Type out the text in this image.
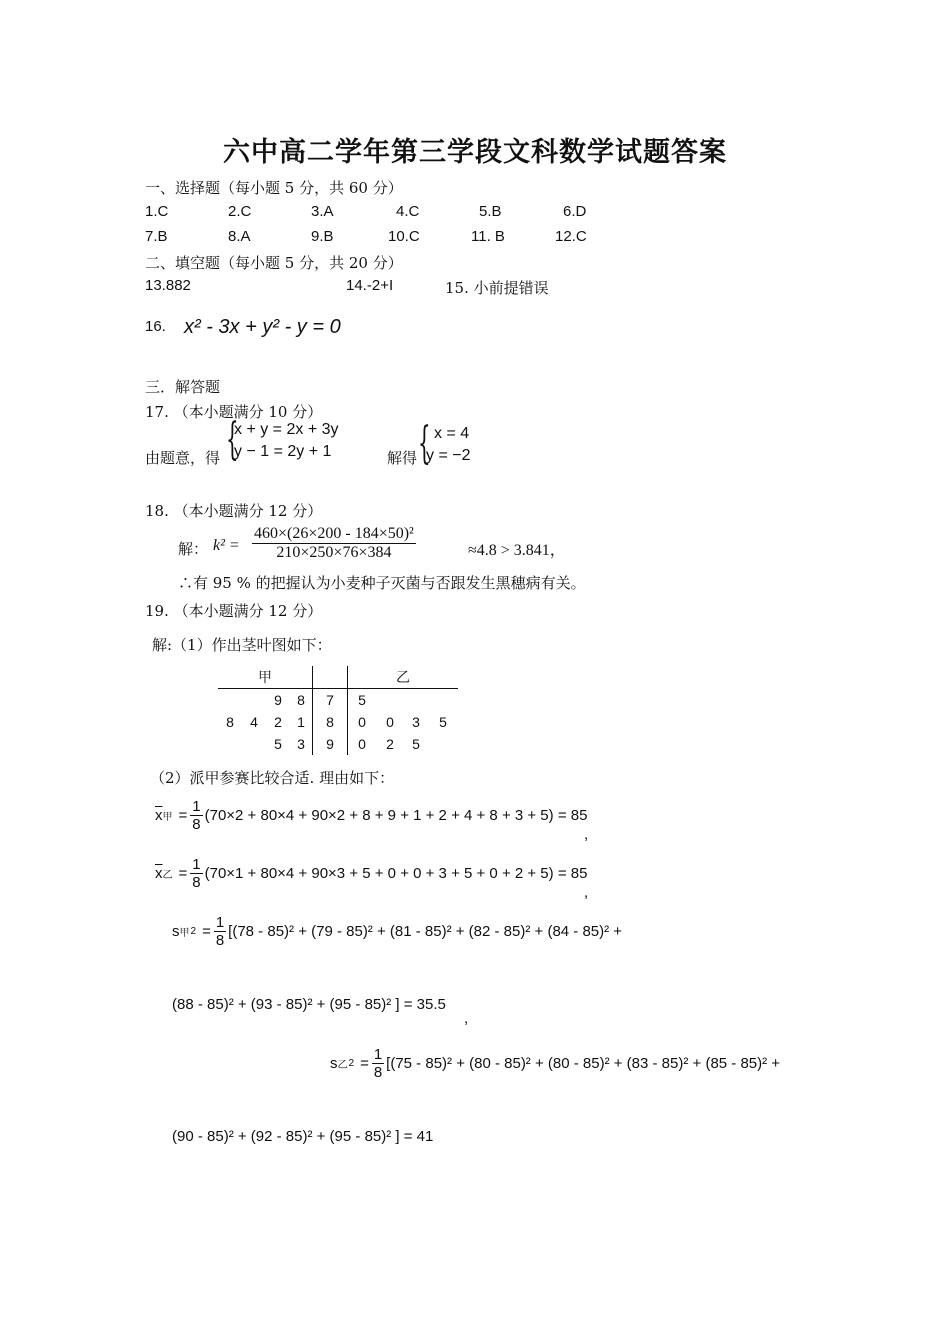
六中高二学年第三学段文科数学试题答案
一、选择题（每小题 5 分，共 60 分）
1.C	2.C	3.A	4.C	5.B	6.D
7.B	8.A	9.B	10.C	11. B	12.C
二、填空题（每小题 5 分，共 20 分）
13.882	14.-2+I	15. 小前提错误
16. x² - 3x + y² - y = 0
三．解答题
17. （本小题满分 10 分）
由题意，得 {
x + y = 2x + 3y
y − 1 = 2y + 1	解得 { x = 4
y = −2
18. （本小题满分 12 分）
解： $k^2 = \frac{\text{460×(26×200 - 184×50)²}}{210\times 250\times 76\times 384}$	≈4.8 > 3.841，
∴有 95 % 的把握认为小麦种子灭菌与否跟发生黑穗病有关。
19. （本小题满分 12 分）
解:（1）作出茎叶图如下：
甲					乙			
		9	8	7	5			
8	4	2	1	8	0	0	3	5
		5	3	9	0	2	5	
（2）派甲参赛比较合适. 理由如下：
$\overline{x}$ 甲 = $\frac{1}{8} (70\times 2 + 80\times 4 + 90\times 2 + 8 + 9 + 1 + 2 + 4 + 8 + 3 + 5) = 85$
,
$\overline{x}$ 乙 = $\frac{1}{8} (70\times 1 + 80\times 4 + 90\times 3 + 5 + 0 + 0 + 3 + 5 + 0 + 2 + 5) = 85$
,
s 甲 $2 = \frac{1}{8} [(78 - 85)^2 + (79 - 85)^2 + (81 - 85)^2 + (82 - 85)^2 + (84 - 85)^2$ +
(88 - 85)² + (93 - 85)² + (95 - 85)² ] = 35.5
,
s 乙 $2 = \frac{1}{8} [(75 - 85)^2 + (80 - 85)^2 + (80 - 85)^2 + (83 - 85)^2 + (85 - 85)^2$ +
(90 - 85)² + (92 - 85)² + (95 - 85)² ] = 41
